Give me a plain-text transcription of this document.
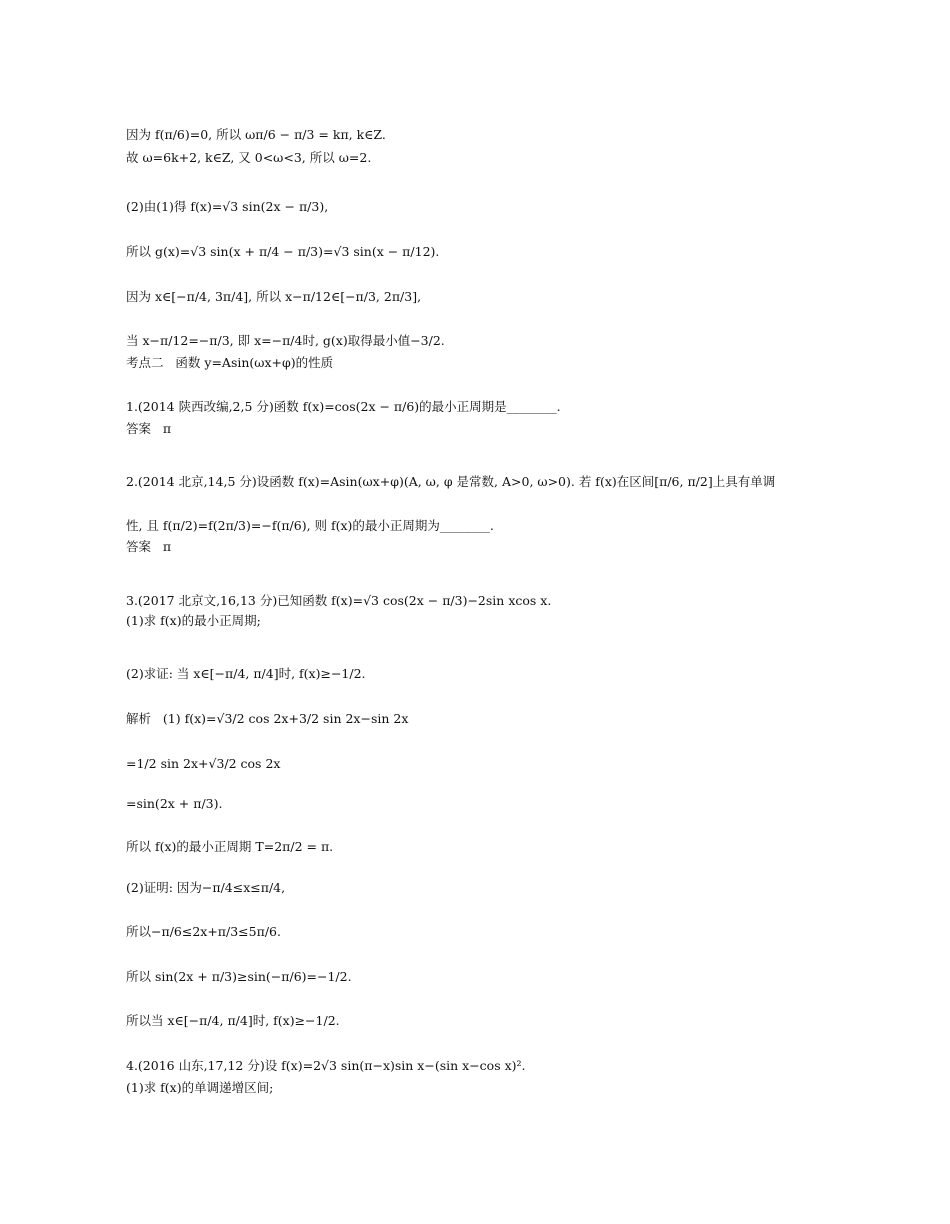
因为 f(π/6)=0, 所以 ωπ/6 − π/3 = kπ, k∈Z.
故 ω=6k+2, k∈Z, 又 0<ω<3, 所以 ω=2.
(2)由(1)得 f(x)=√3 sin(2x − π/3),
所以 g(x)=√3 sin(x + π/4 − π/3)=√3 sin(x − π/12).
因为 x∈[−π/4, 3π/4], 所以 x−π/12∈[−π/3, 2π/3],
当 x−π/12=−π/3, 即 x=−π/4时, g(x)取得最小值−3/2.
考点二   函数 y=Asin(ωx+φ)的性质
1.(2014 陕西改编,2,5 分)函数 f(x)=cos(2x − π/6)的最小正周期是________.
答案   π
2.(2014 北京,14,5 分)设函数 f(x)=Asin(ωx+φ)(A, ω, φ 是常数, A>0, ω>0). 若 f(x)在区间[π/6, π/2]上具有单调
性, 且 f(π/2)=f(2π/3)=−f(π/6), 则 f(x)的最小正周期为________.
答案   π
3.(2017 北京文,16,13 分)已知函数 f(x)=√3 cos(2x − π/3)−2sin xcos x.
(1)求 f(x)的最小正周期;
(2)求证: 当 x∈[−π/4, π/4]时, f(x)≥−1/2.
解析   (1) f(x)=√3/2 cos 2x+3/2 sin 2x−sin 2x
=1/2 sin 2x+√3/2 cos 2x
=sin(2x + π/3).
所以 f(x)的最小正周期 T=2π/2 = π.
(2)证明: 因为−π/4≤x≤π/4,
所以−π/6≤2x+π/3≤5π/6.
所以 sin(2x + π/3)≥sin(−π/6)=−1/2.
所以当 x∈[−π/4, π/4]时, f(x)≥−1/2.
4.(2016 山东,17,12 分)设 f(x)=2√3 sin(π−x)sin x−(sin x−cos x)².
(1)求 f(x)的单调递增区间;
